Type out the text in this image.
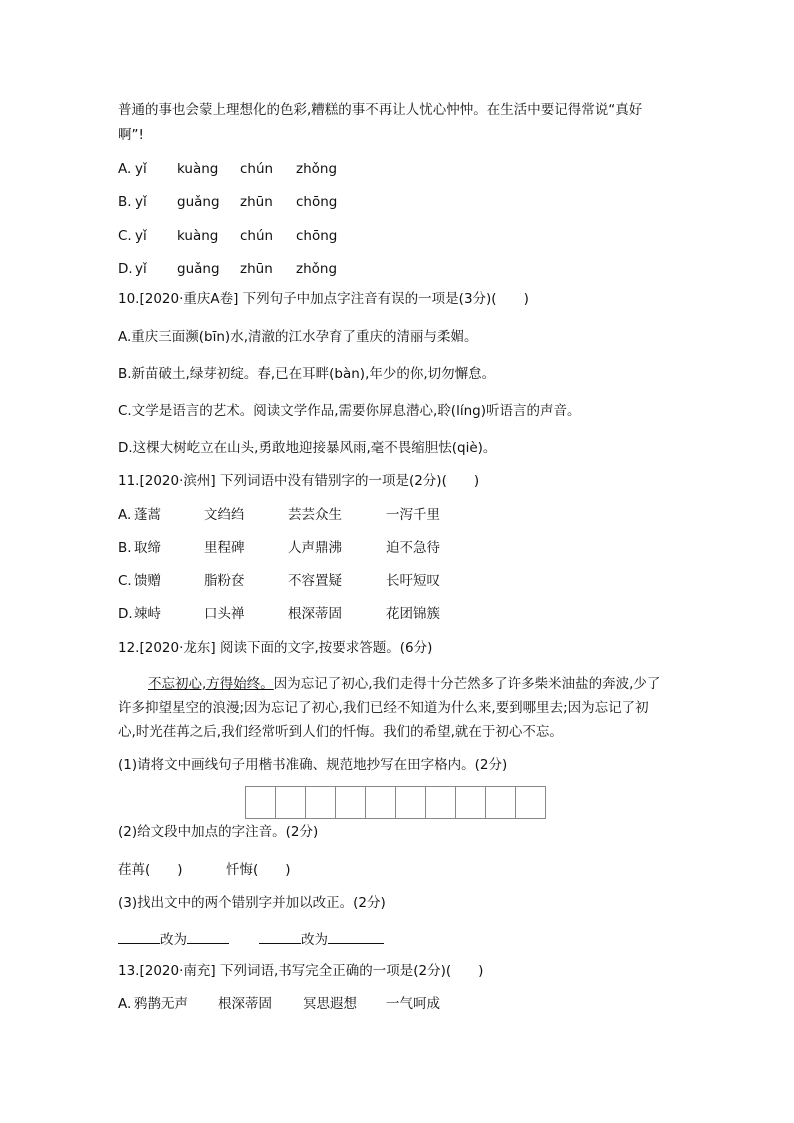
普通的事也会蒙上理想化的色彩,糟糕的事不再让人忧心忡忡。在生活中要记得常说“真好
啊”!
A. yǐ kuàng chún zhǒng
B. yǐ guǎng zhūn chōng
C. yǐ kuàng chún chōng
D. yǐ guǎng zhūn zhǒng
10.[2020·重庆A卷] 下列句子中加点字注音有误的一项是(3分)(　　)
A.重庆三面濒(bīn)水,清澈的江水孕育了重庆的清丽与柔媚。
B.新苗破土,绿芽初绽。春,已在耳畔(bàn),年少的你,切勿懈怠。
C.文学是语言的艺术。阅读文学作品,需要你屏息潜心,聆(líng)听语言的声音。
D.这棵大树屹立在山头,勇敢地迎接暴风雨,毫不畏缩胆怯(qiè)。
11.[2020·滨州] 下列词语中没有错别字的一项是(2分)(　　)
A. 蓬蒿	文绉绉	芸芸众生	一泻千里
B. 取缔	里程碑	人声鼎沸	迫不急待
C. 馈赠	脂粉奁	不容置疑	长吁短叹
D. 竦峙	口头禅	根深蒂固	花团锦簇
12.[2020·龙东] 阅读下面的文字,按要求答题。(6分)
不忘初心,方得始终。因为忘记了初心,我们走得十分芒然多了许多柴米油盐的奔波,少了
许多抑望星空的浪漫;因为忘记了初心,我们已经不知道为什么来,要到哪里去;因为忘记了初
心,时光荏苒之后,我们经常听到人们的忏悔。我们的希望,就在于初心不忘。
(1)请将文中画线句子用楷书准确、规范地抄写在田字格内。(2分)
(2)给文段中加点的字注音。(2分)
荏苒(　　)	忏悔(　　)
(3)找出文中的两个错别字并加以改正。(2分)
改为	改为
13.[2020·南充] 下列词语,书写完全正确的一项是(2分)(　　)
A. 鸦鹊无声 根深蒂固 冥思遐想 一气呵成
